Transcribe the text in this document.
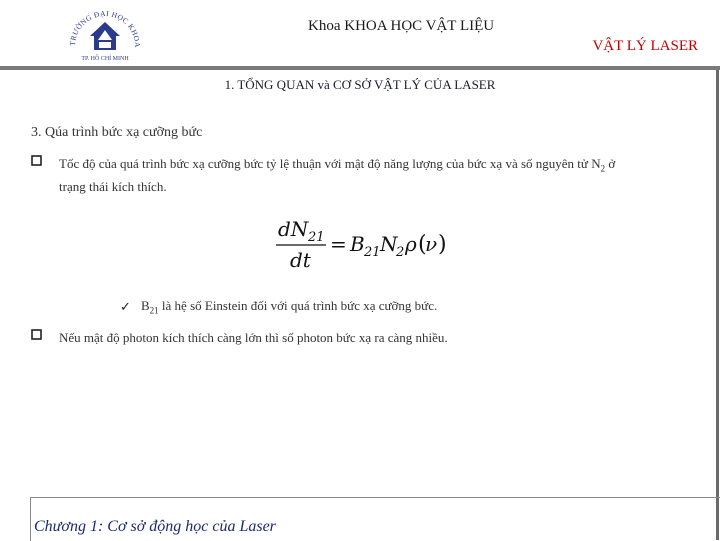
TRƯỜNG ĐẠI HỌC KHOA
TP. HỒ CHÍ MINH
Khoa KHOA HỌC VẬT LIỆU
VẬT LÝ LASER
1. TỔNG QUAN và CƠ SỞ VẬT LÝ CỦA LASER
3. Qúa trình bức xạ cưỡng bức
Tốc độ của quá trình bức xạ cưỡng bức tỷ lệ thuận với mật độ năng lượng của bức xạ và số nguyên tử $N_2$ ở
trạng thái kích thích.
dN 21
dt
= B 21 N
2 ρ (
ν )
✓ $B_{21}$ là hệ số Einstein đối với quá trình bức xạ cưỡng bức.
Nếu mật độ photon kích thích càng lớn thì số photon bức xạ ra càng nhiều.
Chương 1: Cơ sở động học của Laser
